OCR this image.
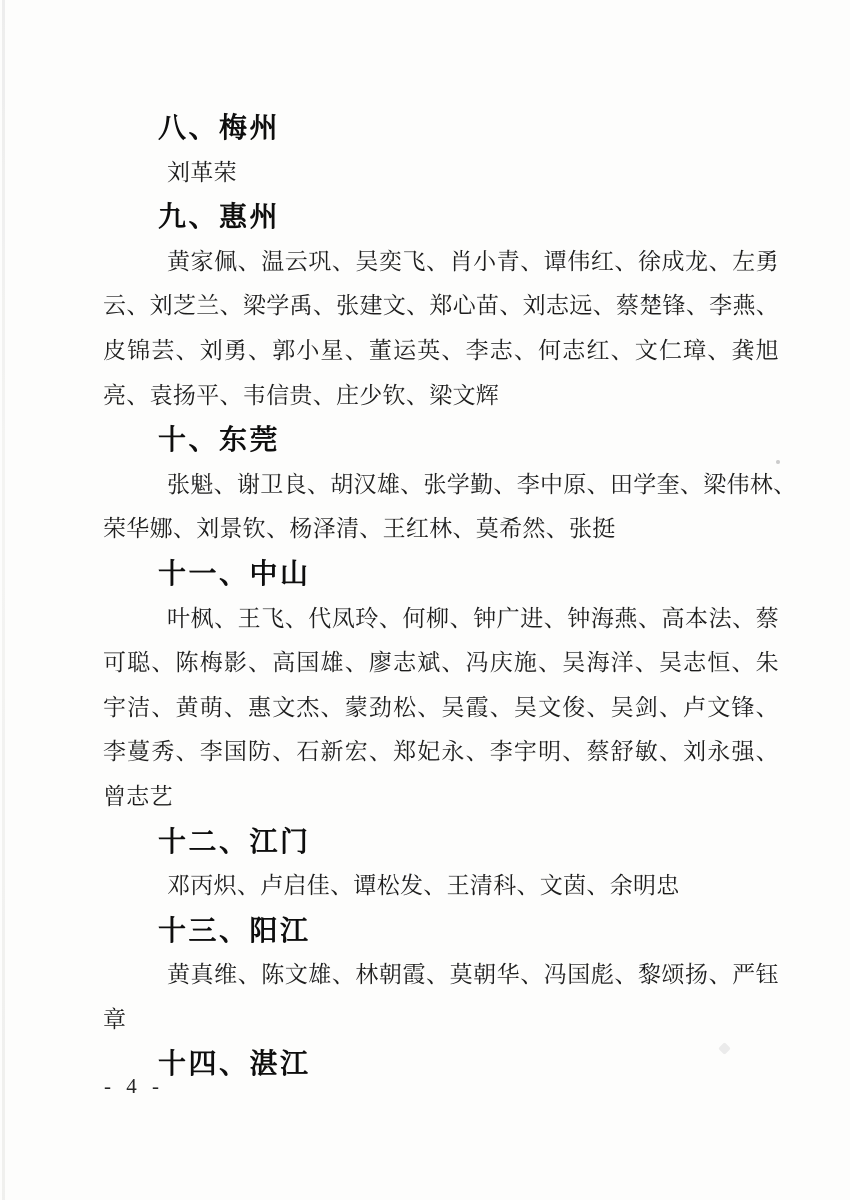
八、梅州
刘革荣
九、惠州
黄 家 佩 、 温 云 巩 、 吴 奕 飞 、 肖 小 青 、 谭 伟 红 、 徐 成 龙 、 左 勇
云 、 刘 芝 兰 、 梁 学 禹 、 张 建 文 、 郑 心 苗 、 刘 志 远 、 蔡 楚 锋 、 李 燕 、
皮 锦 芸 、 刘 勇 、 郭 小 星 、 董 运 英 、 李 志 、 何 志 红 、 文 仁 璋 、 龚 旭
亮、袁扬平、韦信贵、庄少钦、梁文辉
十、东莞
张 魁 、 谢 卫 良 、 胡 汉 雄 、 张 学 勤 、 李 中 原 、 田 学 奎 、 梁 伟 林 、
荣华娜、刘景钦、杨泽清、王红林、莫希然、张挺
十一、中山
叶 枫 、 王 飞 、 代 凤 玲 、 何 柳 、 钟 广 进 、 钟 海 燕 、 高 本 法 、 蔡
可 聪 、 陈 梅 影 、 高 国 雄 、 廖 志 斌 、 冯 庆 施 、 吴 海 洋 、 吴 志 恒 、 朱
宇 洁 、 黄 萌 、 惠 文 杰 、 蒙 劲 松 、 吴 霞 、 吴 文 俊 、 吴 剑 、 卢 文 锋 、
李 蔓 秀 、 李 国 防 、 石 新 宏 、 郑 妃 永 、 李 宇 明 、 蔡 舒 敏 、 刘 永 强 、
曾志艺
十二、江门
邓丙炽、卢启佳、谭松发、王清科、文茵、余明忠
十三、阳江
黄 真 维 、 陈 文 雄 、 林 朝 霞 、 莫 朝 华 、 冯 国 彪 、 黎 颂 扬 、 严 钰
章
十四、湛江
- 4 -
